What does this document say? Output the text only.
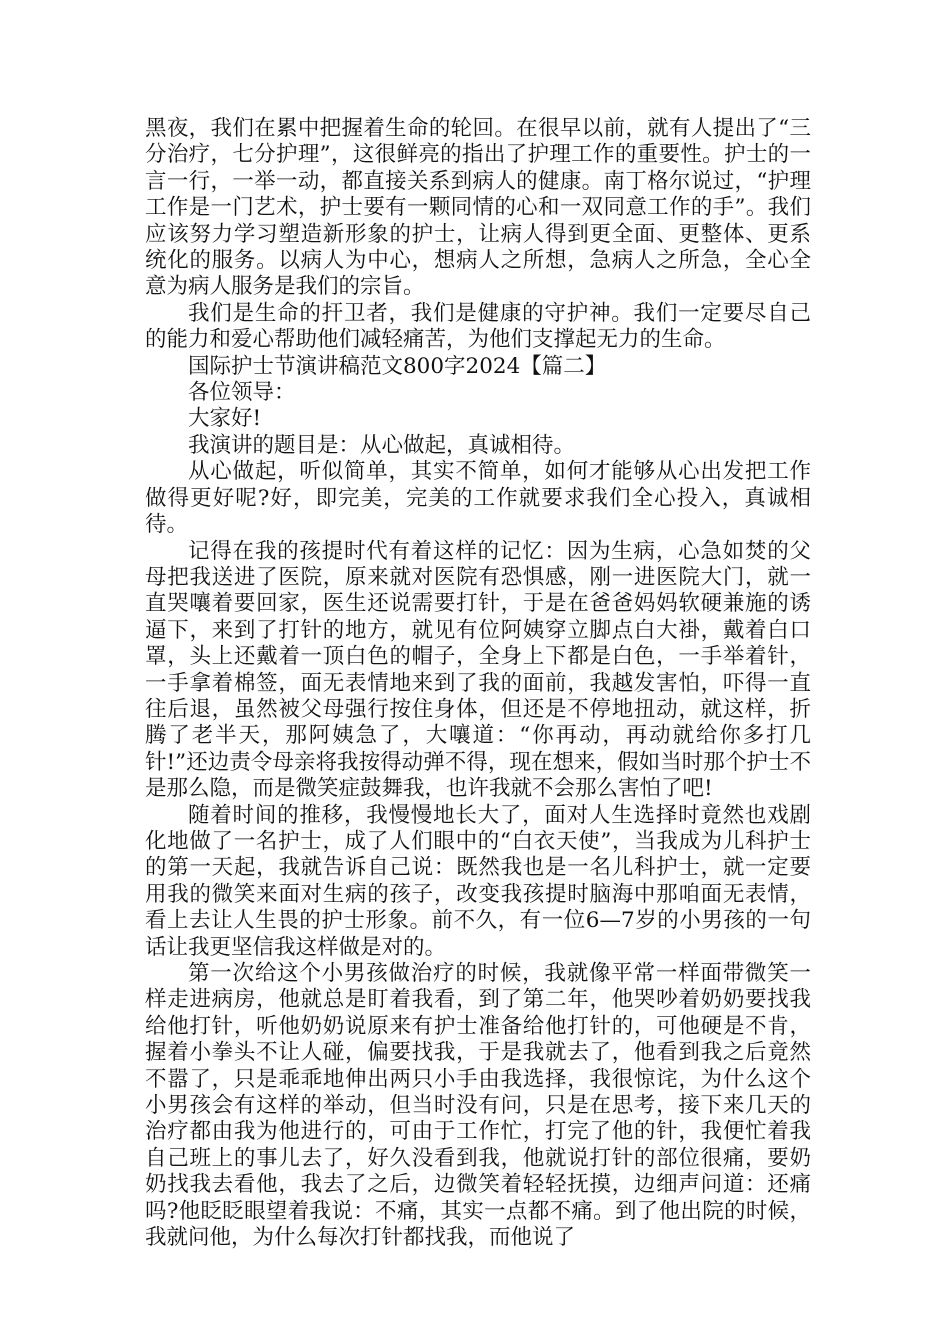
黑夜，我们在累中把握着生命的轮回。在很早以前，就有人提出了“三分治疗，七分护理”，这很鲜亮的指出了护理工作的重要性。护士的一言一行，一举一动，都直接关系到病人的健康。南丁格尔说过，“护理工作是一门艺术，护士要有一颗同情的心和一双同意工作的手”。我们应该努力学习塑造新形象的护士，让病人得到更全面、更整体、更系统化的服务。以病人为中心，想病人之所想，急病人之所急，全心全意为病人服务是我们的宗旨。

我们是生命的扞卫者，我们是健康的守护神。我们一定要尽自己的能力和爱心帮助他们减轻痛苦，为他们支撑起无力的生命。

国际护士节演讲稿范文800字2024【篇二】

各位领导：

大家好!

我演讲的题目是：从心做起，真诚相待。

从心做起，听似简单，其实不简单，如何才能够从心出发把工作做得更好呢?好，即完美，完美的工作就要求我们全心投入，真诚相待。

记得在我的孩提时代有着这样的记忆：因为生病，心急如焚的父母把我送进了医院，原来就对医院有恐惧感，刚一进医院大门，就一直哭嚷着要回家，医生还说需要打针，于是在爸爸妈妈软硬兼施的诱逼下，来到了打针的地方，就见有位阿姨穿立脚点白大褂，戴着白口罩，头上还戴着一顶白色的帽子，全身上下都是白色，一手举着针，一手拿着棉签，面无表情地来到了我的面前，我越发害怕，吓得一直往后退，虽然被父母强行按住身体，但还是不停地扭动，就这样，折腾了老半天，那阿姨急了，大嚷道：“你再动，再动就给你多打几针!”还边责令母亲将我按得动弹不得，现在想来，假如当时那个护士不是那么隐，而是微笑症鼓舞我，也许我就不会那么害怕了吧!

随着时间的推移，我慢慢地长大了，面对人生选择时竟然也戏剧化地做了一名护士，成了人们眼中的“白衣天使”，当我成为儿科护士的第一天起，我就告诉自己说：既然我也是一名儿科护士，就一定要用我的微笑来面对生病的孩子，改变我孩提时脑海中那咱面无表情，看上去让人生畏的护士形象。前不久，有一位6—7岁的小男孩的一句话让我更坚信我这样做是对的。

第一次给这个小男孩做治疗的时候，我就像平常一样面带微笑一样走进病房，他就总是盯着我看，到了第二年，他哭吵着奶奶要找我给他打针，听他奶奶说原来有护士准备给他打针的，可他硬是不肯，握着小拳头不让人碰，偏要找我，于是我就去了，他看到我之后竟然不嚣了，只是乖乖地伸出两只小手由我选择，我很惊诧，为什么这个小男孩会有这样的举动，但当时没有问，只是在思考，接下来几天的治疗都由我为他进行的，可由于工作忙，打完了他的针，我便忙着我自己班上的事儿去了，好久没看到我，他就说打针的部位很痛，要奶奶找我去看他，我去了之后，边微笑着轻轻抚摸，边细声问道：还痛吗?他眨眨眼望着我说：不痛，其实一点都不痛。到了他出院的时候，我就问他，为什么每次打针都找我，而他说了
